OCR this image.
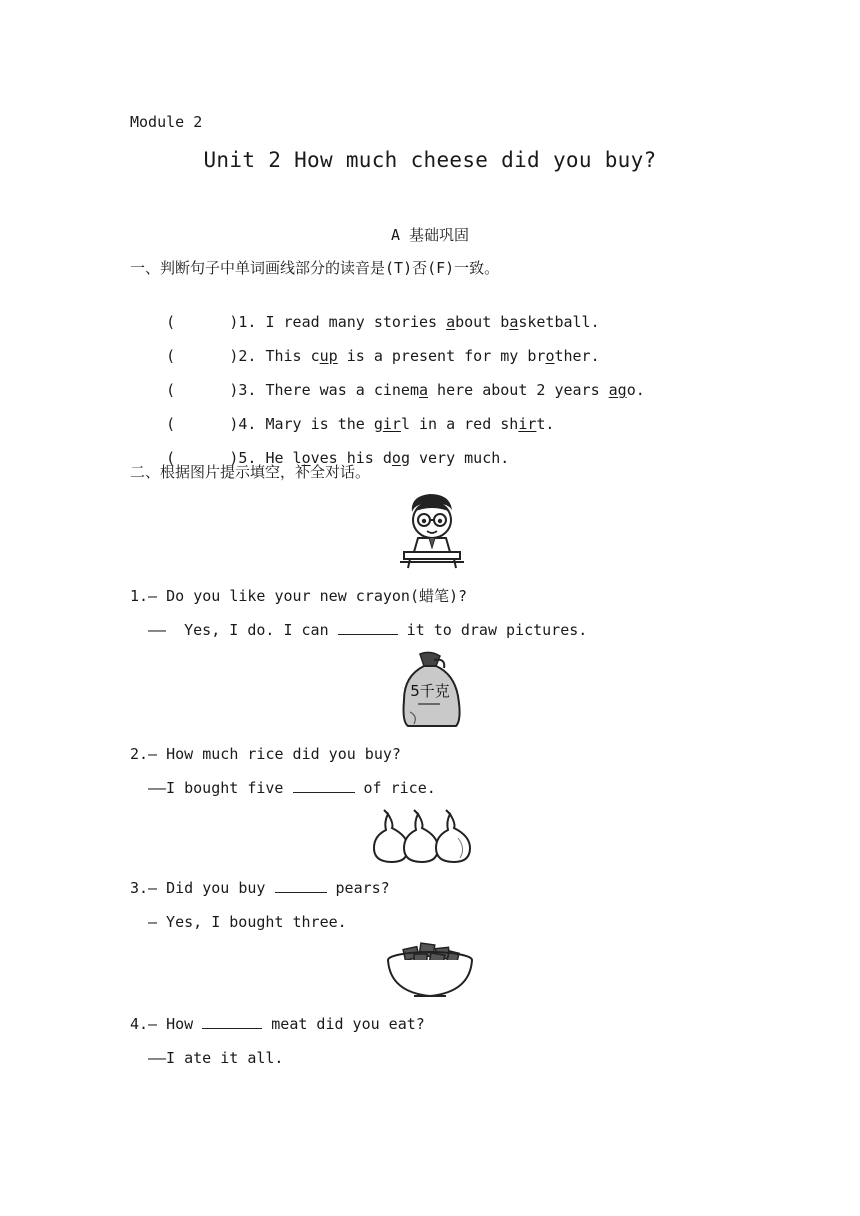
Module 2
Unit 2 How much cheese did you buy?
A 基础巩固
一、判断句子中单词画线部分的读音是(T)否(F)一致。

(      )1. I read many stories about basketball.

(      )2. This cup is a present for my brother.

(      )3. There was a cinema here about 2 years ago.

(      )4. Mary is the girl in a red shirt.

(      )5. He loves his dog very much.

二、根据图片提示填空，补全对话。
1.— Do you like your new crayon(蜡笔)?
——  Yes, I do. I can	it to draw pictures.
5千克
2.— How much rice did you buy?
——I bought five	of rice.
3.— Did you buy	pears?
— Yes, I bought three.
4.— How	meat did you eat?
——I ate it all.
